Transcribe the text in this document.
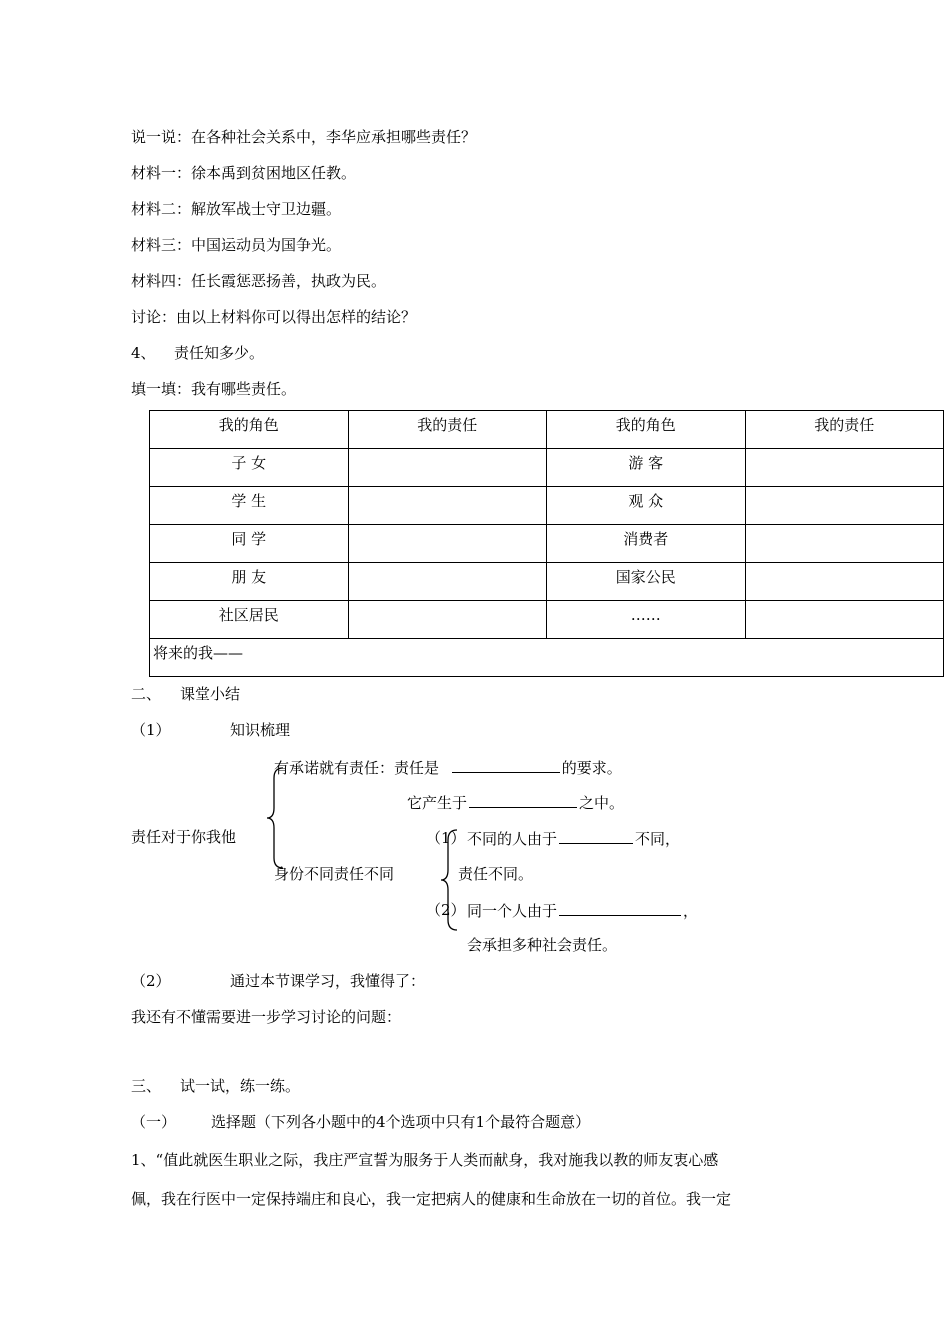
说一说：在各种社会关系中，李华应承担哪些责任？
材料一：徐本禹到贫困地区任教。
材料二：解放军战士守卫边疆。
材料三：中国运动员为国争光。
材料四：任长霞惩恶扬善，执政为民。
讨论：由以上材料你可以得出怎样的结论？
4、 责任知多少。
填一填：我有哪些责任。
我的角色	我的责任	我的角色	我的责任
子 女		游 客	
学 生		观 众	
同 学		消费者	
朋 友		国家公民	
社区居民		……	
将来的我——			
二、 课堂小结
（1）	知识梳理
责任对于你我他
有承诺就有责任：责任是	的要求。
它产生于	之中。
身份不同责任不同
（1） 不同的人由于	不同，
责任不同。
（2） 同一个人由于	，
会承担多种社会责任。
（2）	通过本节课学习，我懂得了：
我还有不懂需要进一步学习讨论的问题：
三、 试一试，练一练。
（一） 选择题（下列各小题中的4个选项中只有1个最符合题意）
1、“值此就医生职业之际，我庄严宣誓为服务于人类而献身，我对施我以教的师友衷心感
佩，我在行医中一定保持端庄和良心，我一定把病人的健康和生命放在一切的首位。我一定
